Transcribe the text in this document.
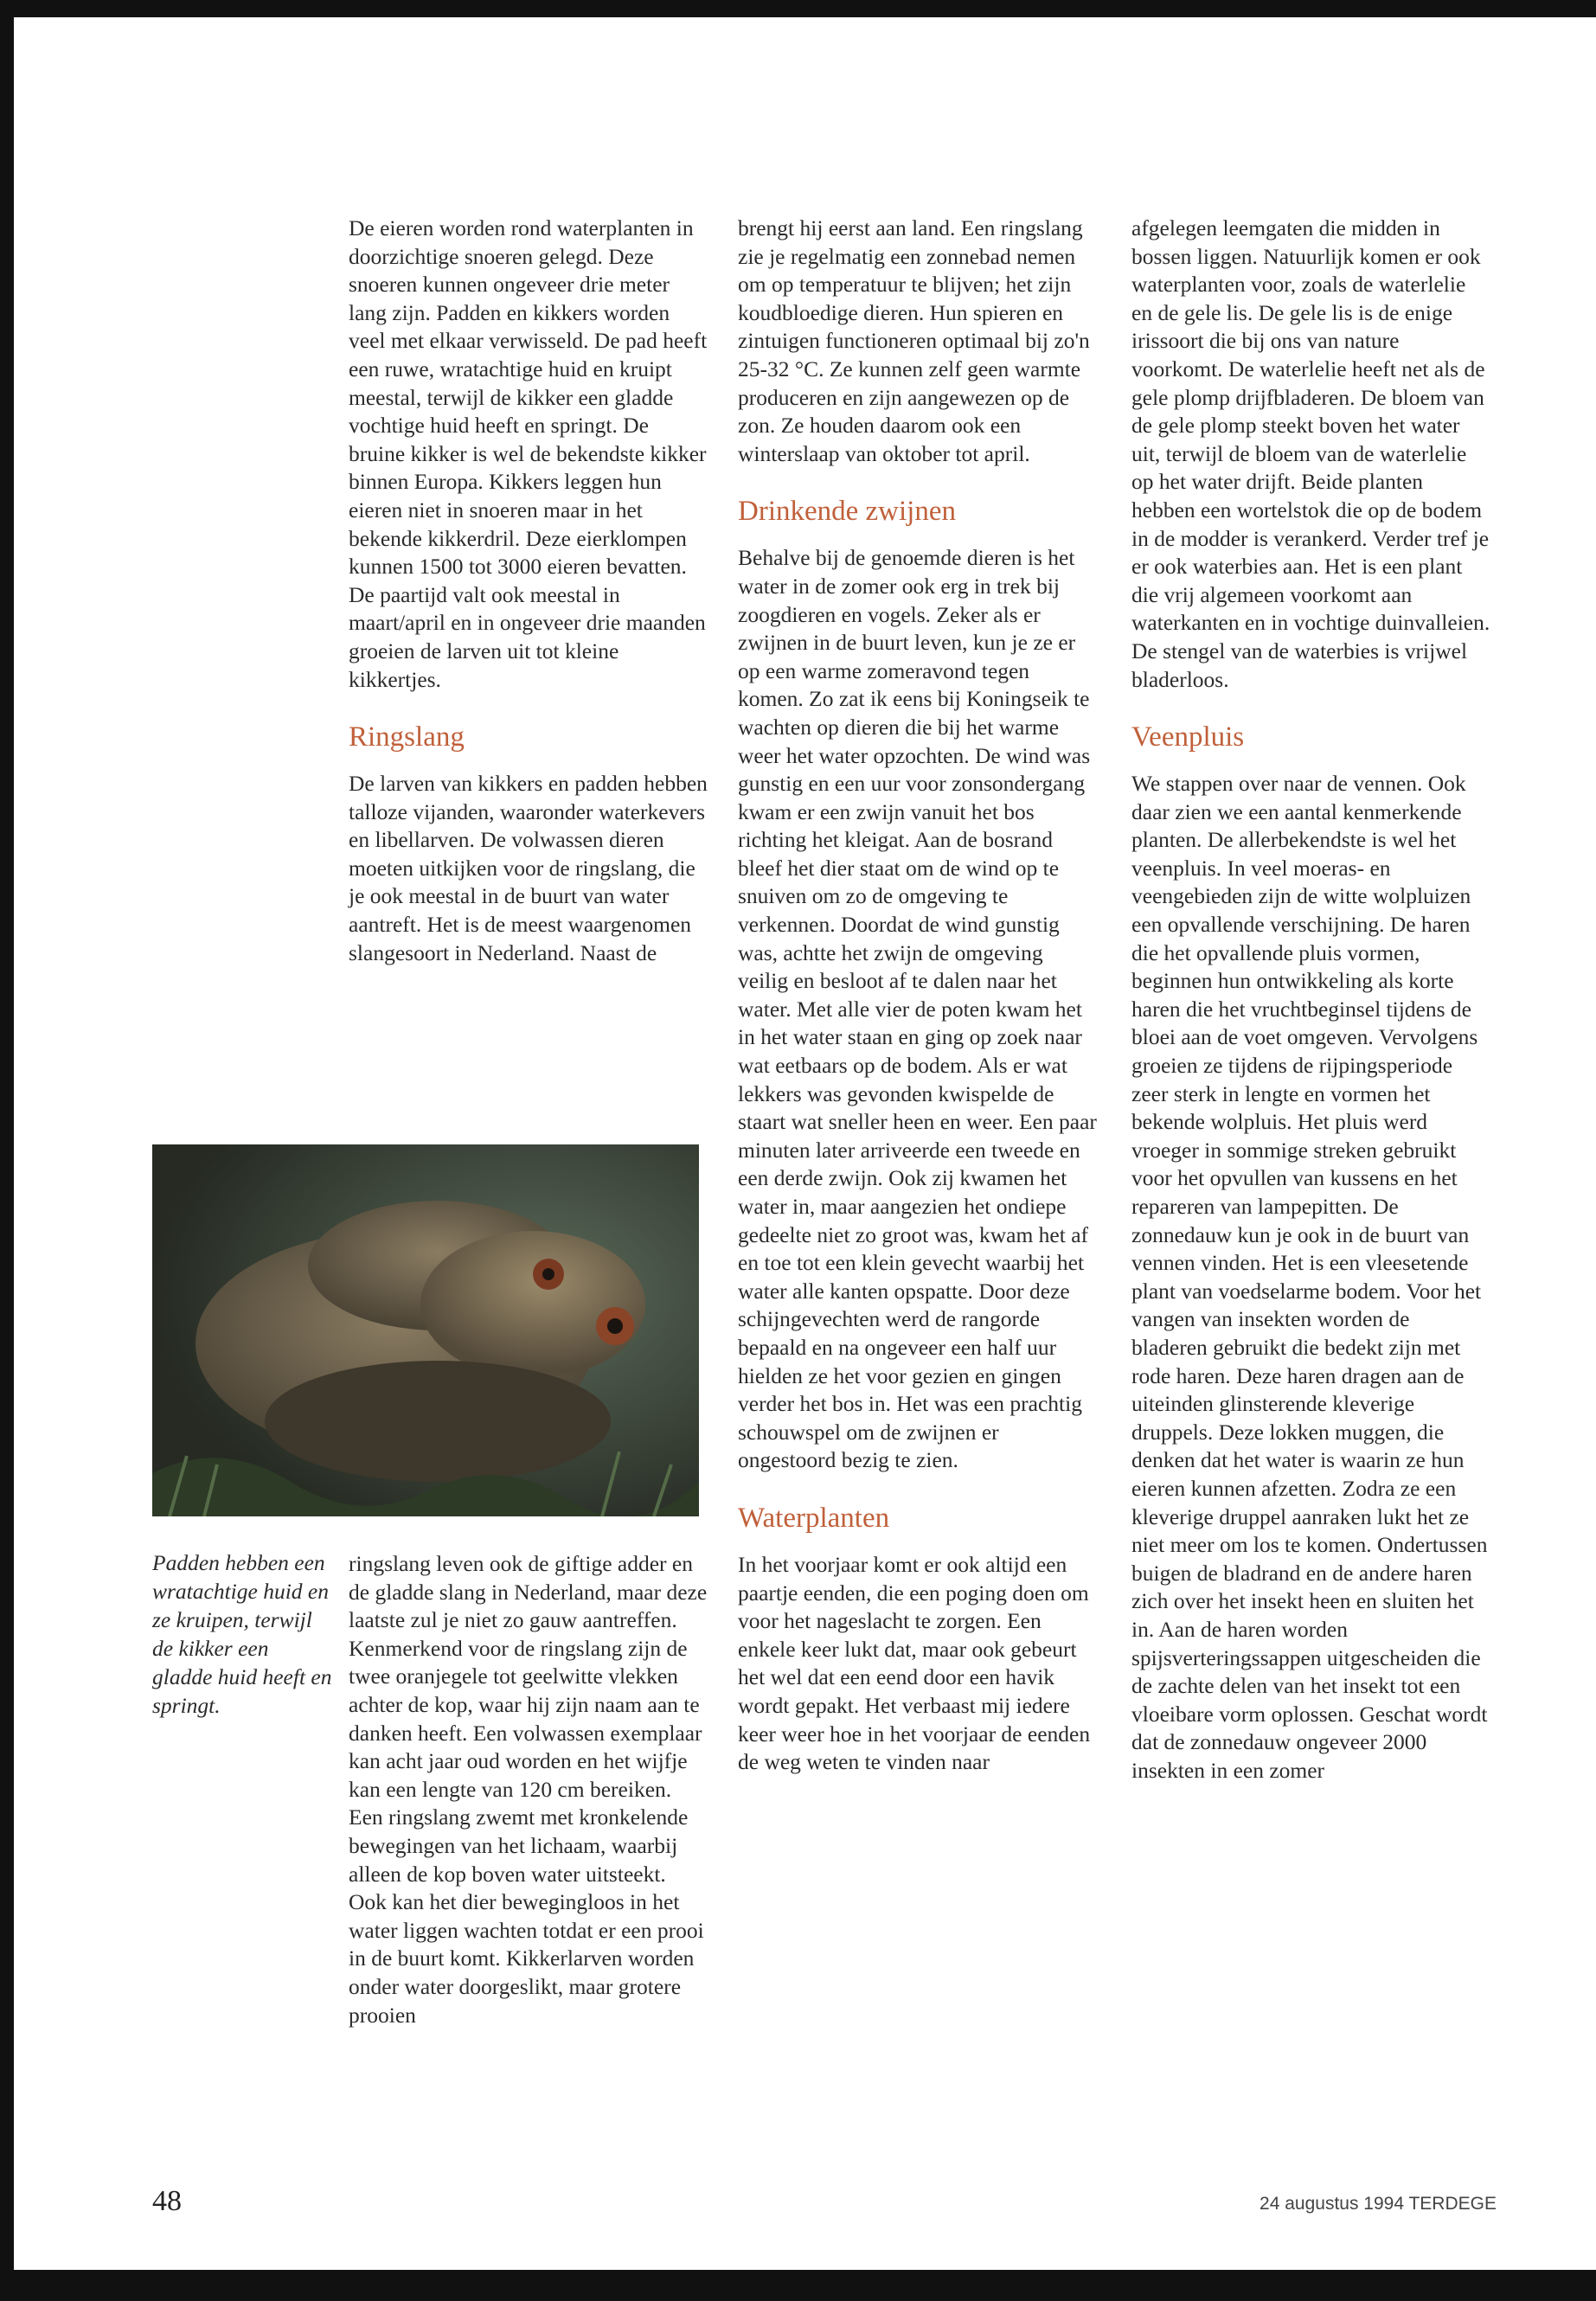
De eieren worden rond waterplanten in doorzichtige snoeren gelegd. Deze snoeren kunnen ongeveer drie meter lang zijn. Padden en kikkers worden veel met elkaar verwisseld. De pad heeft een ruwe, wratachtige huid en kruipt meestal, terwijl de kikker een gladde vochtige huid heeft en springt. De bruine kikker is wel de bekendste kikker binnen Europa. Kikkers leggen hun eieren niet in snoeren maar in het bekende kikkerdril. Deze eierklompen kunnen 1500 tot 3000 eieren bevatten. De paartijd valt ook meestal in maart/april en in ongeveer drie maanden groeien de larven uit tot kleine kikkertjes.

Ringslang

De larven van kikkers en padden hebben talloze vijanden, waaronder waterkevers en libellarven. De volwassen dieren moeten uitkijken voor de ringslang, die je ook meestal in de buurt van water aantreft. Het is de meest waargenomen slangesoort in Nederland. Naast de

Padden hebben een wratachtige huid en ze kruipen, terwijl de kikker een gladde huid heeft en springt.

ringslang leven ook de giftige adder en de gladde slang in Nederland, maar deze laatste zul je niet zo gauw aantreffen. Kenmerkend voor de ringslang zijn de twee oranjegele tot geelwitte vlekken achter de kop, waar hij zijn naam aan te danken heeft. Een volwassen exemplaar kan acht jaar oud worden en het wijfje kan een lengte van 120 cm bereiken. Een ringslang zwemt met kronkelende bewegingen van het lichaam, waarbij alleen de kop boven water uitsteekt. Ook kan het dier bewegingloos in het water liggen wachten totdat er een prooi in de buurt komt. Kikkerlarven worden onder water doorgeslikt, maar grotere prooien

brengt hij eerst aan land. Een ringslang zie je regelmatig een zonnebad nemen om op temperatuur te blijven; het zijn koudbloedige dieren. Hun spieren en zintuigen functioneren optimaal bij zo'n 25-32 °C. Ze kunnen zelf geen warmte produceren en zijn aangewezen op de zon. Ze houden daarom ook een winterslaap van oktober tot april.

Drinkende zwijnen

Behalve bij de genoemde dieren is het water in de zomer ook erg in trek bij zoogdieren en vogels. Zeker als er zwijnen in de buurt leven, kun je ze er op een warme zomeravond tegen komen. Zo zat ik eens bij Koningseik te wachten op dieren die bij het warme weer het water opzochten. De wind was gunstig en een uur voor zonsondergang kwam er een zwijn vanuit het bos richting het kleigat. Aan de bosrand bleef het dier staat om de wind op te snuiven om zo de omgeving te verkennen. Doordat de wind gunstig was, achtte het zwijn de omgeving veilig en besloot af te dalen naar het water. Met alle vier de poten kwam het in het water staan en ging op zoek naar wat eetbaars op de bodem. Als er wat lekkers was gevonden kwispelde de staart wat sneller heen en weer. Een paar minuten later arriveerde een tweede en een derde zwijn. Ook zij kwamen het water in, maar aangezien het ondiepe gedeelte niet zo groot was, kwam het af en toe tot een klein gevecht waarbij het water alle kanten opspatte. Door deze schijngevechten werd de rangorde bepaald en na ongeveer een half uur hielden ze het voor gezien en gingen verder het bos in. Het was een prachtig schouwspel om de zwijnen er ongestoord bezig te zien.

Waterplanten

In het voorjaar komt er ook altijd een paartje eenden, die een poging doen om voor het nageslacht te zorgen. Een enkele keer lukt dat, maar ook gebeurt het wel dat een eend door een havik wordt gepakt. Het verbaast mij iedere keer weer hoe in het voorjaar de eenden de weg weten te vinden naar

afgelegen leemgaten die midden in bossen liggen. Natuurlijk komen er ook waterplanten voor, zoals de waterlelie en de gele lis. De gele lis is de enige irissoort die bij ons van nature voorkomt. De waterlelie heeft net als de gele plomp drijfbladeren. De bloem van de gele plomp steekt boven het water uit, terwijl de bloem van de waterlelie op het water drijft. Beide planten hebben een wortelstok die op de bodem in de modder is verankerd. Verder tref je er ook waterbies aan. Het is een plant die vrij algemeen voorkomt aan waterkanten en in vochtige duinvalleien. De stengel van de waterbies is vrijwel bladerloos.

Veenpluis

We stappen over naar de vennen. Ook daar zien we een aantal kenmerkende planten. De allerbekendste is wel het veenpluis. In veel moeras- en veengebieden zijn de witte wolpluizen een opvallende verschijning. De haren die het opvallende pluis vormen, beginnen hun ontwikkeling als korte haren die het vruchtbeginsel tijdens de bloei aan de voet omgeven. Vervolgens groeien ze tijdens de rijpingsperiode zeer sterk in lengte en vormen het bekende wolpluis. Het pluis werd vroeger in sommige streken gebruikt voor het opvullen van kussens en het repareren van lampepitten. De zonnedauw kun je ook in de buurt van vennen vinden. Het is een vleesetende plant van voedselarme bodem. Voor het vangen van insekten worden de bladeren gebruikt die bedekt zijn met rode haren. Deze haren dragen aan de uiteinden glinsterende kleverige druppels. Deze lokken muggen, die denken dat het water is waarin ze hun eieren kunnen afzetten. Zodra ze een kleverige druppel aanraken lukt het ze niet meer om los te komen. Ondertussen buigen de bladrand en de andere haren zich over het insekt heen en sluiten het in. Aan de haren worden spijsverteringssappen uitgescheiden die de zachte delen van het insekt tot een vloeibare vorm oplossen. Geschat wordt dat de zonnedauw ongeveer 2000 insekten in een zomer

48	24 augustus 1994 TERDEGE
